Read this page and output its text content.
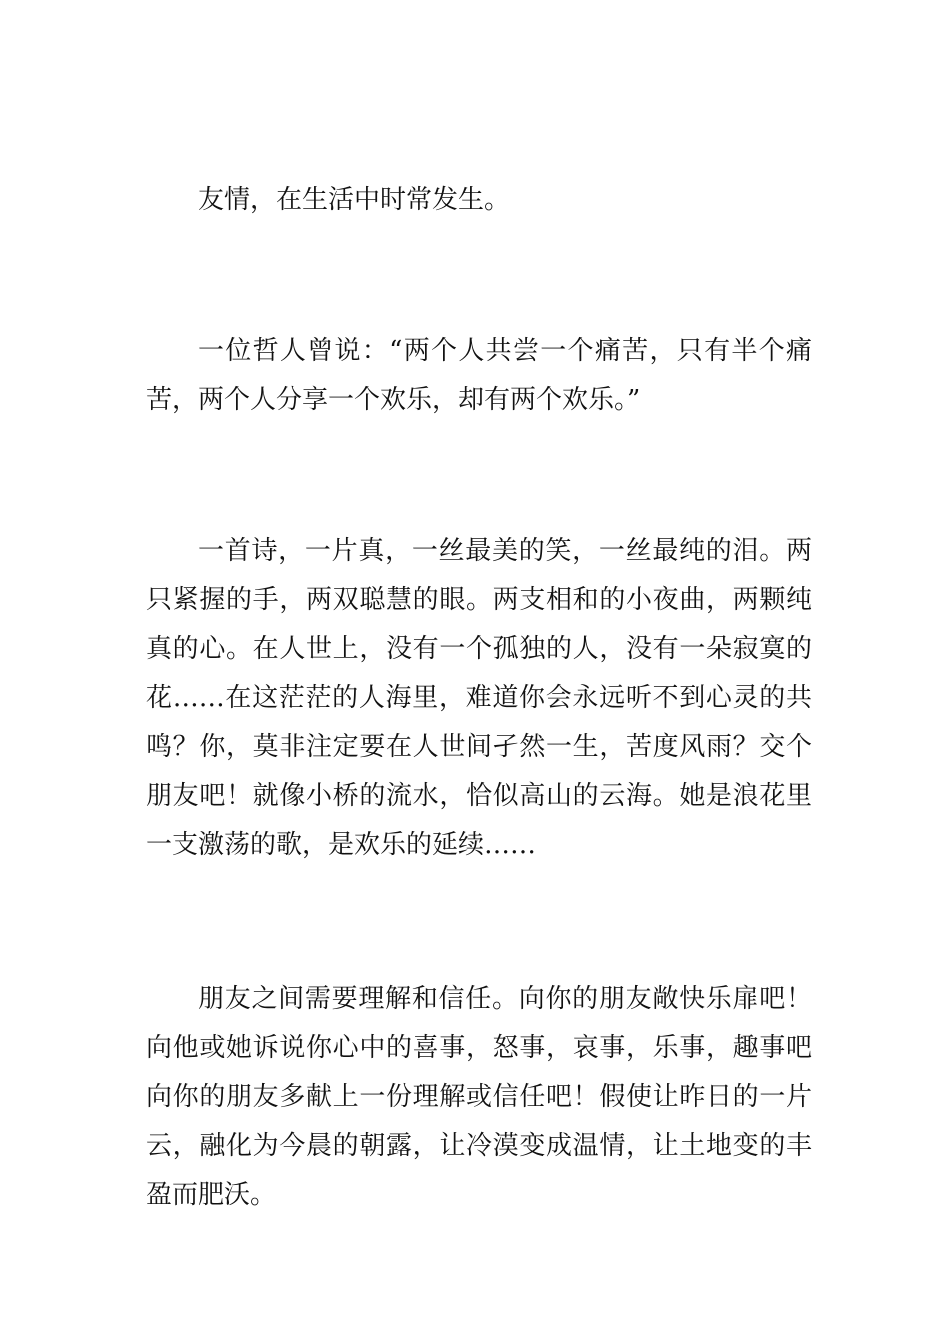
友情，在生活中时常发生。

一位哲人曾说：“两个人共尝一个痛苦，只有半个痛苦，两个人分享一个欢乐，却有两个欢乐。”

一首诗，一片真，一丝最美的笑，一丝最纯的泪。两只紧握的手，两双聪慧的眼。两支相和的小夜曲，两颗纯真的心。在人世上，没有一个孤独的人，没有一朵寂寞的花……在这茫茫的人海里，难道你会永远听不到心灵的共鸣？你，莫非注定要在人世间孑然一生，苦度风雨？交个朋友吧！就像小桥的流水，恰似高山的云海。她是浪花里一支激荡的歌，是欢乐的延续……

朋友之间需要理解和信任。向你的朋友敞快乐扉吧！向他或她诉说你心中的喜事，怒事，哀事，乐事，趣事吧向你的朋友多献上一份理解或信任吧！假使让昨日的一片云，融化为今晨的朝露，让冷漠变成温情，让土地变的丰盈而肥沃。
